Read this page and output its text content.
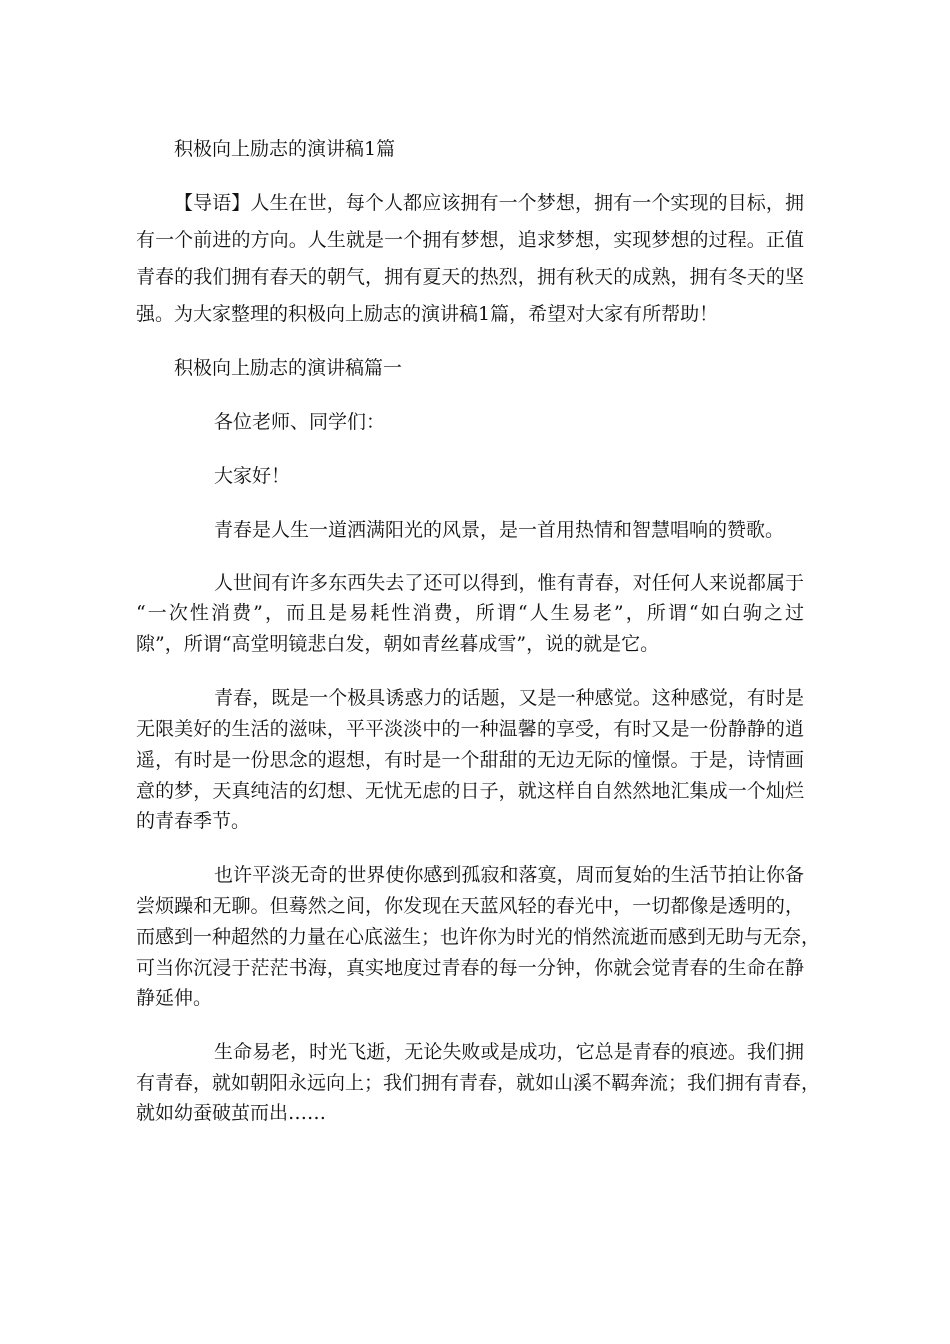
积极向上励志的演讲稿1篇
【导语】人生在世，每个人都应该拥有一个梦想，拥有一个实现的目标，拥
有一个前进的方向。人生就是一个拥有梦想，追求梦想，实现梦想的过程。正值
青春的我们拥有春天的朝气，拥有夏天的热烈，拥有秋天的成熟，拥有冬天的坚
强。为大家整理的积极向上励志的演讲稿1篇，希望对大家有所帮助！
积极向上励志的演讲稿篇一
各位老师、同学们：
大家好！
青春是人生一道洒满阳光的风景，是一首用热情和智慧唱响的赞歌。
人世间有许多东西失去了还可以得到，惟有青春，对任何人来说都属于
“一次性消费”，而且是易耗性消费，所谓“人生易老”，所谓“如白驹之过
隙”，所谓“高堂明镜悲白发，朝如青丝暮成雪”，说的就是它。
青春，既是一个极具诱惑力的话题，又是一种感觉。这种感觉，有时是
无限美好的生活的滋味，平平淡淡中的一种温馨的享受，有时又是一份静静的逍
遥，有时是一份思念的遐想，有时是一个甜甜的无边无际的憧憬。于是，诗情画
意的梦，天真纯洁的幻想、无忧无虑的日子，就这样自自然然地汇集成一个灿烂
的青春季节。
也许平淡无奇的世界使你感到孤寂和落寞，周而复始的生活节拍让你备
尝烦躁和无聊。但蓦然之间，你发现在天蓝风轻的春光中，一切都像是透明的，
而感到一种超然的力量在心底滋生；也许你为时光的悄然流逝而感到无助与无奈，
可当你沉浸于茫茫书海，真实地度过青春的每一分钟，你就会觉青春的生命在静
静延伸。
生命易老，时光飞逝，无论失败或是成功，它总是青春的痕迹。我们拥
有青春，就如朝阳永远向上；我们拥有青春，就如山溪不羁奔流；我们拥有青春，
就如幼蚕破茧而出……
